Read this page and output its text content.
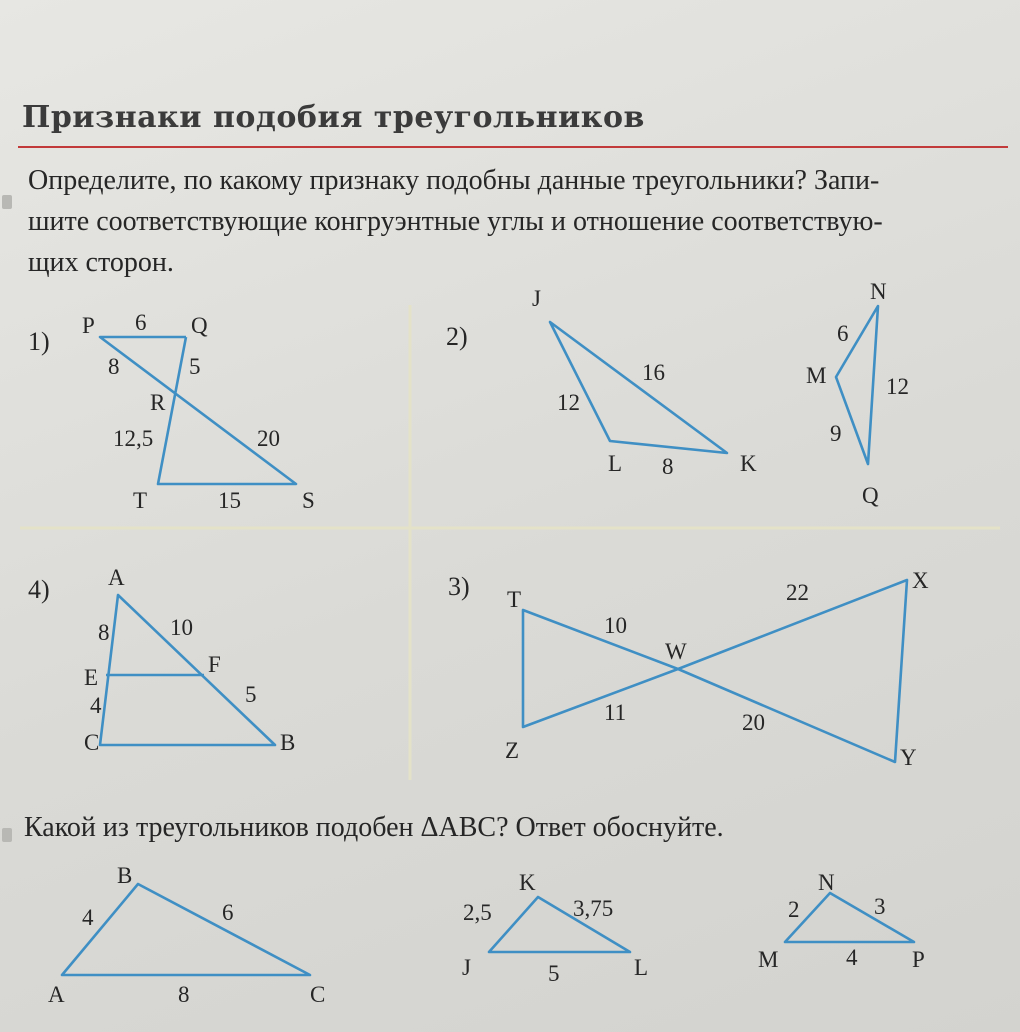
Признаки подобия треугольников
Определите, по какому признаку подобны данные треугольники? Запи-
шите соответствующие конгруэнтные углы и отношение соответствую-
щих сторон.
Какой из треугольников подобен ΔABC? Ответ обоснуйте.
1)
P	Q
R
T	S
6
8	5
12,5	20
15
2)
J
L	K
12
16
8
N
M
Q
6
12
9
4)	A
E
F
C	B
8	10
4	5
3) T
W
X
Z	Y
10
22
11	20
B
A	C
4	6
8
K
J	L
2,5	3,75
5
N
M	P
2	3
4
